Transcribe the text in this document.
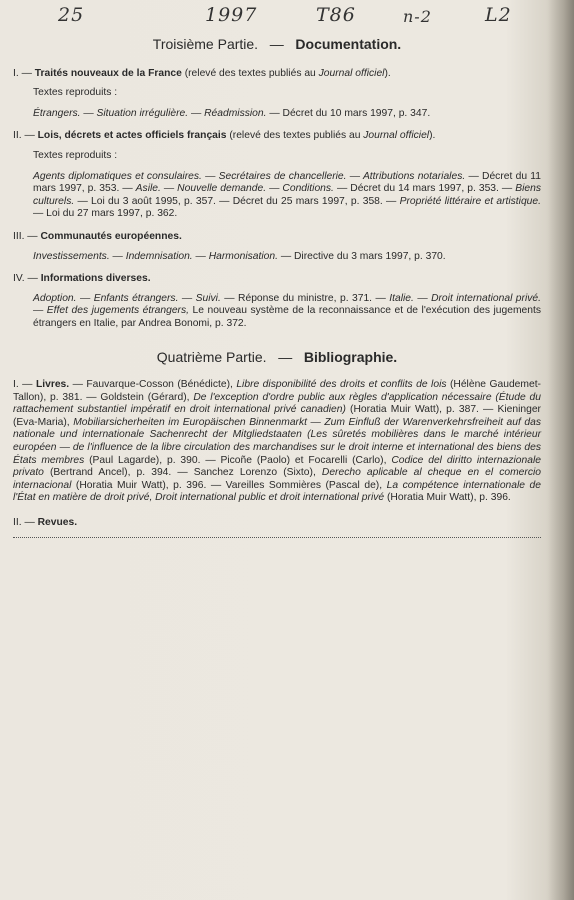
25	1997	T86	n-2	L2
Troisième Partie. — Documentation.
I. — Traités nouveaux de la France (relevé des textes publiés au Journal officiel).
Textes reproduits :
Étrangers. — Situation irrégulière. — Réadmission. — Décret du 10 mars 1997, p. 347.
II. — Lois, décrets et actes officiels français (relevé des textes publiés au Journal officiel).
Textes reproduits :
Agents diplomatiques et consulaires. — Secrétaires de chancellerie. — Attributions notariales. — Décret du 11 mars 1997, p. 353. — Asile. — Nouvelle demande. — Conditions. — Décret du 14 mars 1997, p. 353. — Biens culturels. — Loi du 3 août 1995, p. 357. — Décret du 25 mars 1997, p. 358. — Propriété littéraire et artistique. — Loi du 27 mars 1997, p. 362.
III. — Communautés européennes.
Investissements. — Indemnisation. — Harmonisation. — Directive du 3 mars 1997, p. 370.
IV. — Informations diverses.
Adoption. — Enfants étrangers. — Suivi. — Réponse du ministre, p. 371. — Italie. — Droit international privé. — Effet des jugements étrangers, Le nouveau système de la reconnaissance et de l'exécution des jugements étrangers en Italie, par Andrea Bonomi, p. 372.
Quatrième Partie. — Bibliographie.
I. — Livres. — Fauvarque-Cosson (Bénédicte), Libre disponibilité des droits et conflits de lois (Hélène Gaudemet-Tallon), p. 381. — Goldstein (Gérard), De l'exception d'ordre public aux règles d'application nécessaire (Étude du rattachement substantiel impératif en droit international privé canadien) (Horatia Muir Watt), p. 387. — Kieninger (Eva-Maria), Mobiliarsicherheiten im Europäischen Binnenmarkt — Zum Einfluß der Warenverkehrsfreiheit auf das nationale und internationale Sachenrecht der Mitgliedstaaten (Les sûretés mobilières dans le marché intérieur européen — de l'influence de la libre circulation des marchandises sur le droit interne et international des biens des États membres (Paul Lagarde), p. 390. — Picoñe (Paolo) et Focarelli (Carlo), Codice del diritto internazionale privato (Bertrand Ancel), p. 394. — Sanchez Lorenzo (Sixto), Derecho aplicable al cheque en el comercio internacional (Horatia Muir Watt), p. 396. — Vareilles Sommières (Pascal de), La compétence internationale de l'État en matière de droit privé, Droit international public et droit international privé (Horatia Muir Watt), p. 396.
II. — Revues.
